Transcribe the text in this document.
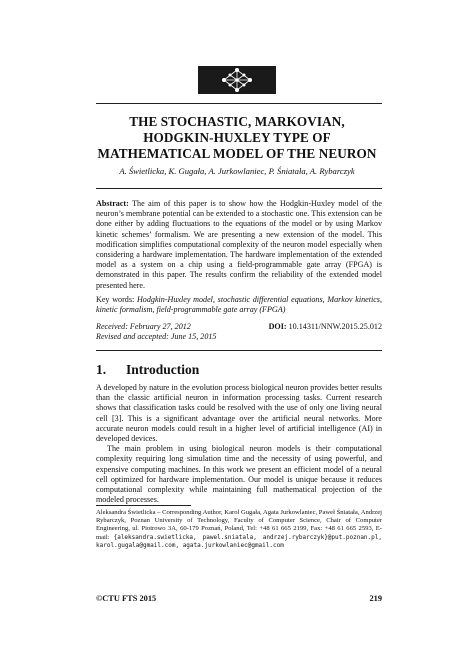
THE STOCHASTIC, MARKOVIAN,
HODGKIN-HUXLEY TYPE OF
MATHEMATICAL MODEL OF THE NEURON
A. Świetlicka, K. Gugała, A. Jurkowlaniec, P. Śniatała, A. Rybarczyk
Abstract: The aim of this paper is to show how the Hodgkin-Huxley model of the neuron’s membrane potential can be extended to a stochastic one. This extension can be done either by adding fluctuations to the equations of the model or by using Markov kinetic schemes’ formalism. We are presenting a new extension of the model. This modification simplifies computational complexity of the neuron model especially when considering a hardware implementation. The hardware implementation of the extended model as a system on a chip using a field-programmable gate array (FPGA) is demonstrated in this paper. The results confirm the reliability of the extended model presented here.
Key words: Hodgkin-Huxley model, stochastic differential equations, Markov kinetics, kinetic formalism, field-programmable gate array (FPGA)
Received: February 27, 2012
Revised and accepted: June 15, 2015
DOI: 10.14311/NNW.2015.25.012
1. Introduction

A developed by nature in the evolution process biological neuron provides better results than the classic artificial neuron in information processing tasks. Current research shows that classification tasks could be resolved with the use of only one living neural cell [3]. This is a significant advantage over the artificial neural networks. More accurate neuron models could result in a higher level of artificial intelligence (AI) in developed devices.

The main problem in using biological neuron models is their computational complexity requiring long simulation time and the necessity of using powerful, and expensive computing machines. In this work we present an efficient model of a neural cell optimized for hardware implementation. Our model is unique because it reduces computational complexity while maintaining full mathematical projection of the modeled processes.

Aleksandra Świetlicka – Corresponding Author, Karol Gugała, Agata Jurkowlaniec, Paweł Śniatała, Andrzej Rybarczyk, Poznan University of Technology, Faculty of Computer Science, Chair of Computer Engineering, ul. Piotrowo 3A, 60-179 Poznań, Poland, Tel: +48 61 665 2199, Fax: +48 61 665 2593, E-mail: {aleksandra.swietlicka, pawel.sniatala, andrzej.rybarczyk}@put.poznan.pl, karol.gugala@gmail.com, agata.jurkowlaniec@gmail.com
©CTU FTS 2015	219
